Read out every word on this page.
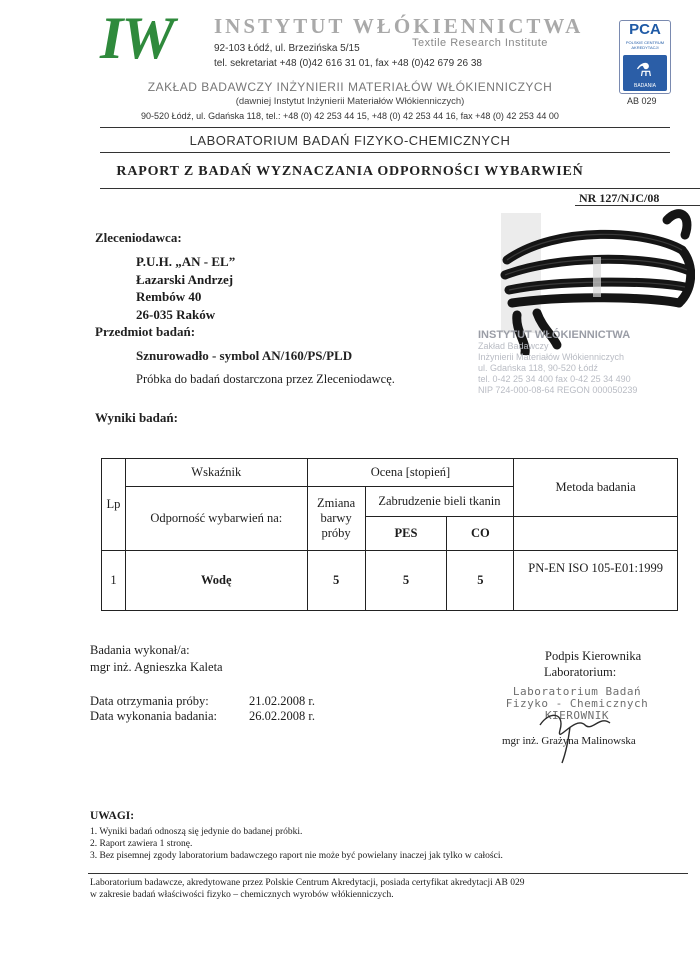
IW INSTYTUT WŁÓKIENNICTWA
Textile Research Institute
92-103 Łódź, ul. Brzezińska 5/15
tel. sekretariat +48 (0)42 616 31 01, fax +48 (0)42 679 26 38
PCA
POLSKIE CENTRUM AKREDYTACJI
⚗
BADANIA
AB 029
ZAKŁAD BADAWCZY INŻYNIERII MATERIAŁÓW WŁÓKIENNICZYCH
(dawniej Instytut Inżynierii Materiałów Włókienniczych)
90-520 Łódź, ul. Gdańska 118, tel.: +48 (0) 42 253 44 15, +48 (0) 42 253 44 16, fax +48 (0) 42 253 44 00
LABORATORIUM BADAŃ FIZYKO-CHEMICZNYCH
RAPORT Z BADAŃ WYZNACZANIA ODPORNOŚCI WYBARWIEŃ
NR 127/NJC/08
Zleceniodawca:
P.U.H. „AN - EL”
Łazarski Andrzej
Rembów 40
26-035 Raków
Przedmiot badań:
Sznurowadło - symbol AN/160/PS/PLD
Próbka do badań dostarczona przez Zleceniodawcę.
INSTYTUT WŁÓKIENNICTWA
Zakład Badawczy
Inżynierii Materiałów Włókienniczych
ul. Gdańska 118, 90-520 Łódź
tel. 0-42 25 34 400 fax 0-42 25 34 490
NIP 724-000-08-64 REGON 000050239
Wyniki badań:
Lp	Wskaźnik	Ocena [stopień]			Metoda badania
	Odporność wybarwień na:	Zmiana barwy próby	Zabrudzenie bieli tkanin		
			PES	CO	
1	Wodę	5	5	5	PN-EN ISO 105-E01:1999
Badania wykonał/a:
mgr inż. Agnieszka Kaleta
Data otrzymania próby:	21.02.2008 r.
Data wykonania badania:	26.02.2008 r.
Podpis Kierownika
Laboratorium:
Laboratorium Badań
Fizyko - Chemicznych
KIEROWNIK
mgr inż. Grażyna Malinowska
UWAGI:
1. Wyniki badań odnoszą się jedynie do badanej próbki.
2. Raport zawiera 1 stronę.
3. Bez pisemnej zgody laboratorium badawczego raport nie może być powielany inaczej jak tylko w całości.
Laboratorium badawcze, akredytowane przez Polskie Centrum Akredytacji, posiada certyfikat akredytacji AB 029
w zakresie badań właściwości fizyko – chemicznych wyrobów włókienniczych.
